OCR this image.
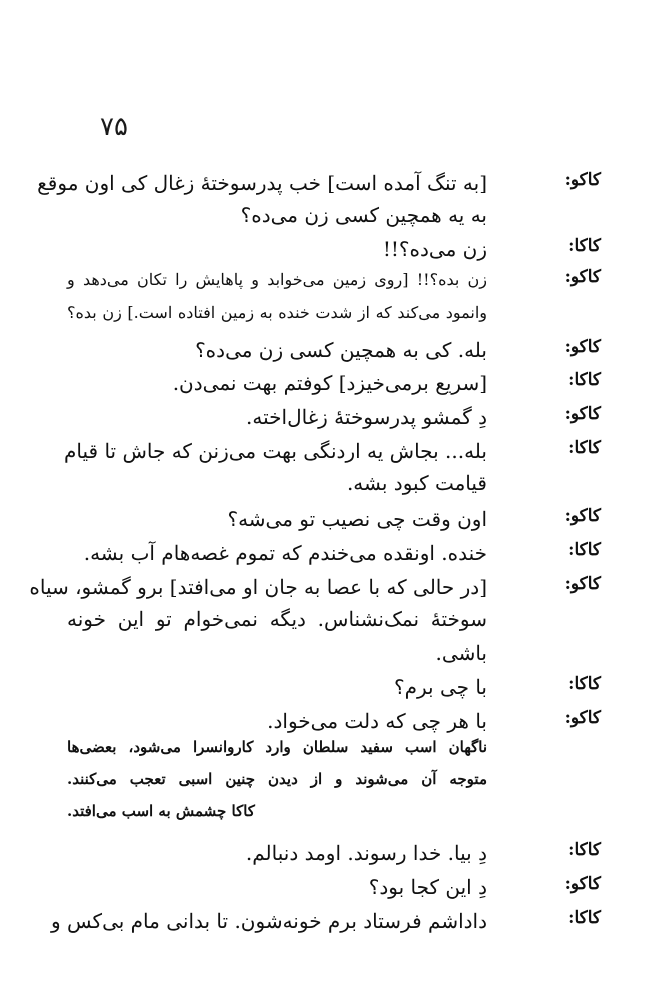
۷۵
کاکو:
[به تنگ آمده است] خب پدرسوختهٔ زغال کی اون موقع
به یه همچین کسی زن می‌ده؟
کاکا:
زن می‌ده؟!!
کاکو:
زن بده؟!! [روی زمین می‌خوابد و پاهایش را تکان می‌دهد و
وانمود می‌کند که از شدت خنده به زمین افتاده است.] زن بده؟
کاکو:
بله. کی به همچین کسی زن می‌ده؟
کاکا:
[سریع برمی‌خیزد] کوفتم بهت نمی‌دن.
کاکو:
دِ گمشو پدرسوختهٔ زغال‌اخته.
کاکا:
بله... بجاش یه اردنگی بهت می‌زنن که جاش تا قیام
قیامت کبود بشه.
کاکو:
اون وقت چی نصیب تو می‌شه؟
کاکا:
خنده. اونقده می‌خندم که تموم غصه‌هام آب بشه.
کاکو:
[در حالی که با عصا به جان او می‌افتد] برو گمشو، سیاه
سوختهٔ نمک‌نشناس. دیگه نمی‌خوام تو این خونه
باشی.
کاکا:
با چی برم؟
کاکو:
با هر چی که دلت می‌خواد.
کاکا:
دِ بیا. خدا رسوند. اومد دنبالم.
کاکو:
دِ این کجا بود؟
کاکا:
داداشم فرستاد برم خونه‌شون. تا بدانی مام بی‌کس و
ناگهان اسب سفید سلطان وارد کاروانسرا می‌شود، بعضی‌ها
متوجه آن می‌شوند و از دیدن چنین اسبی تعجب می‌کنند.
کاکا چشمش به اسب می‌افتد.
